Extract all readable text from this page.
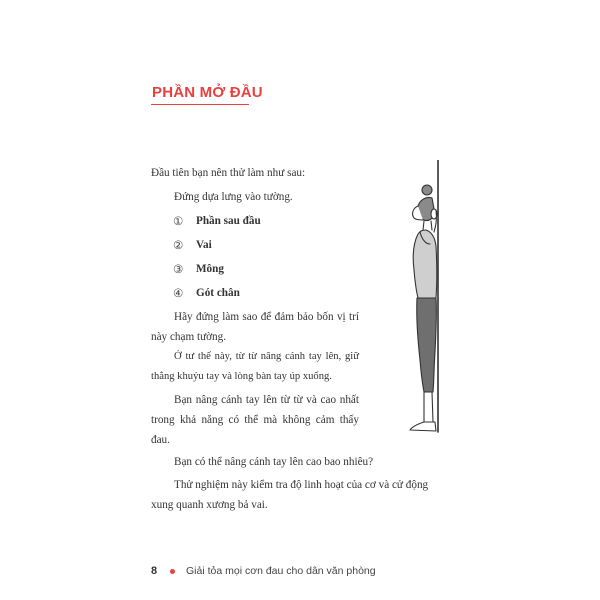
PHẦN MỞ ĐẦU

Đầu tiên bạn nên thử làm như sau:

Đứng dựa lưng vào tường.

① Phần sau đầu

② Vai

③ Mông

④ Gót chân

Hãy đứng làm sao để đảm bảo bốn vị trí này chạm tường.

Ở tư thế này, từ từ nâng cánh tay lên, giữ thẳng khuỷu tay và lòng bàn tay úp xuống.

Bạn nâng cánh tay lên từ từ và cao nhất trong khả năng có thể mà không cảm thấy đau.

Bạn có thể nâng cánh tay lên cao bao nhiêu?

Thử nghiệm này kiểm tra độ linh hoạt của cơ và cử động xung quanh xương bả vai.

8	Giải tỏa mọi cơn đau cho dân văn phòng
